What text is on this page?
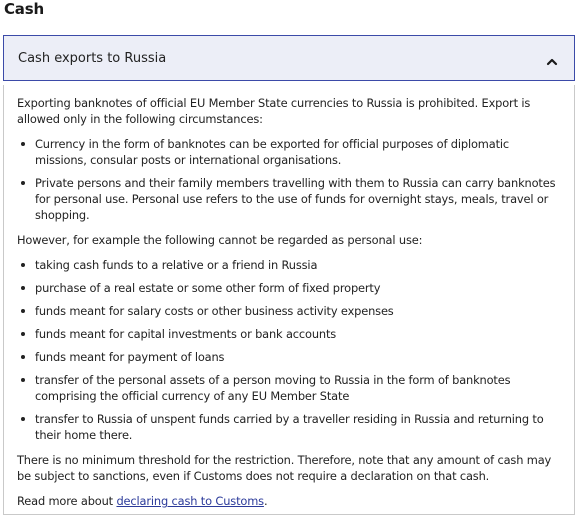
Cash
Cash exports to Russia

Exporting banknotes of official EU Member State currencies to Russia is prohibited. Export is allowed only in the following circumstances:

Currency in the form of banknotes can be exported for official purposes of diplomatic missions, consular posts or international organisations.
Private persons and their family members travelling with them to Russia can carry banknotes for personal use. Personal use refers to the use of funds for overnight stays, meals, travel or shopping.

However, for example the following cannot be regarded as personal use:

taking cash funds to a relative or a friend in Russia
purchase of a real estate or some other form of fixed property
funds meant for salary costs or other business activity expenses
funds meant for capital investments or bank accounts
funds meant for payment of loans
transfer of the personal assets of a person moving to Russia in the form of banknotes comprising the official currency of any EU Member State
transfer to Russia of unspent funds carried by a traveller residing in Russia and returning to their home there.

There is no minimum threshold for the restriction. Therefore, note that any amount of cash may be subject to sanctions, even if Customs does not require a declaration on that cash.

Read more about declaring cash to Customs.
